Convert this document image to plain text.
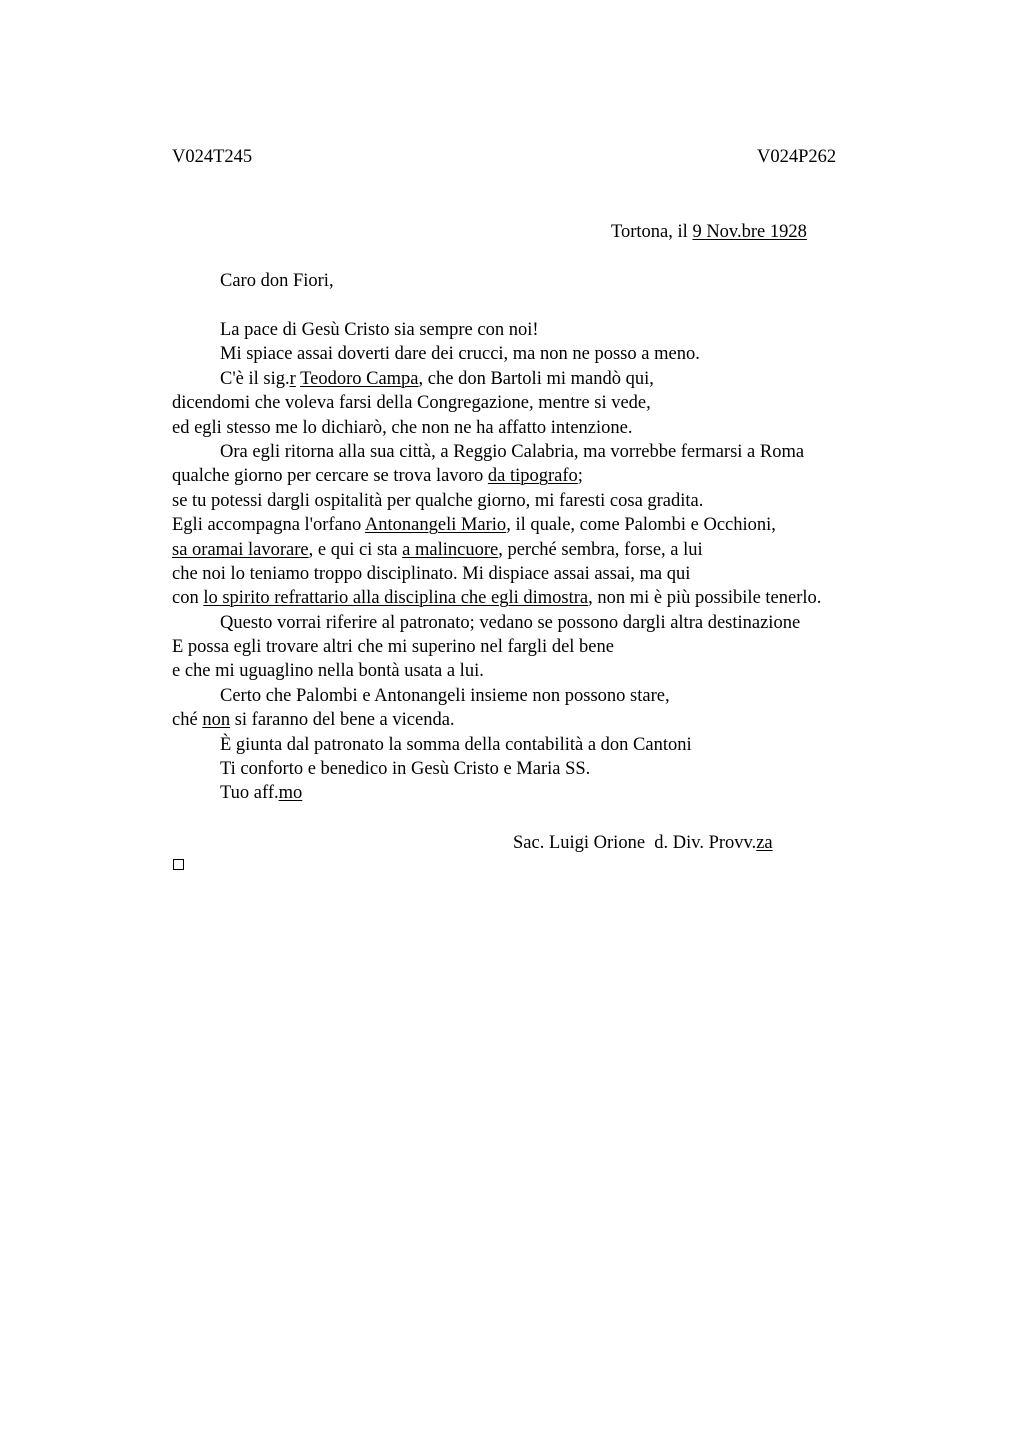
V024T245	V024P262
Tortona, il 9 Nov.bre 1928
Caro don Fiori,
La pace di Gesù Cristo sia sempre con noi!
Mi spiace assai doverti dare dei crucci, ma non ne posso a meno.
C'è il sig.r Teodoro Campa, che don Bartoli mi mandò qui,
dicendomi che voleva farsi della Congregazione, mentre si vede,
ed egli stesso me lo dichiarò, che non ne ha affatto intenzione.
Ora egli ritorna alla sua città, a Reggio Calabria, ma vorrebbe fermarsi a Roma
qualche giorno per cercare se trova lavoro da tipografo;
se tu potessi dargli ospitalità per qualche giorno, mi faresti cosa gradita.
Egli accompagna l'orfano Antonangeli Mario, il quale, come Palombi e Occhioni,
sa oramai lavorare, e qui ci sta a malincuore, perché sembra, forse, a lui
che noi lo teniamo troppo disciplinato. Mi dispiace assai assai, ma qui
con lo spirito refrattario alla disciplina che egli dimostra, non mi è più possibile tenerlo.
Questo vorrai riferire al patronato; vedano se possono dargli altra destinazione
E possa egli trovare altri che mi superino nel fargli del bene
e che mi uguaglino nella bontà usata a lui.
Certo che Palombi e Antonangeli insieme non possono stare,
ché non si faranno del bene a vicenda.
È giunta dal patronato la somma della contabilità a don Cantoni
Ti conforto e benedico in Gesù Cristo e Maria SS.
Tuo aff.mo
Sac. Luigi Orione  d. Div. Provv.za
